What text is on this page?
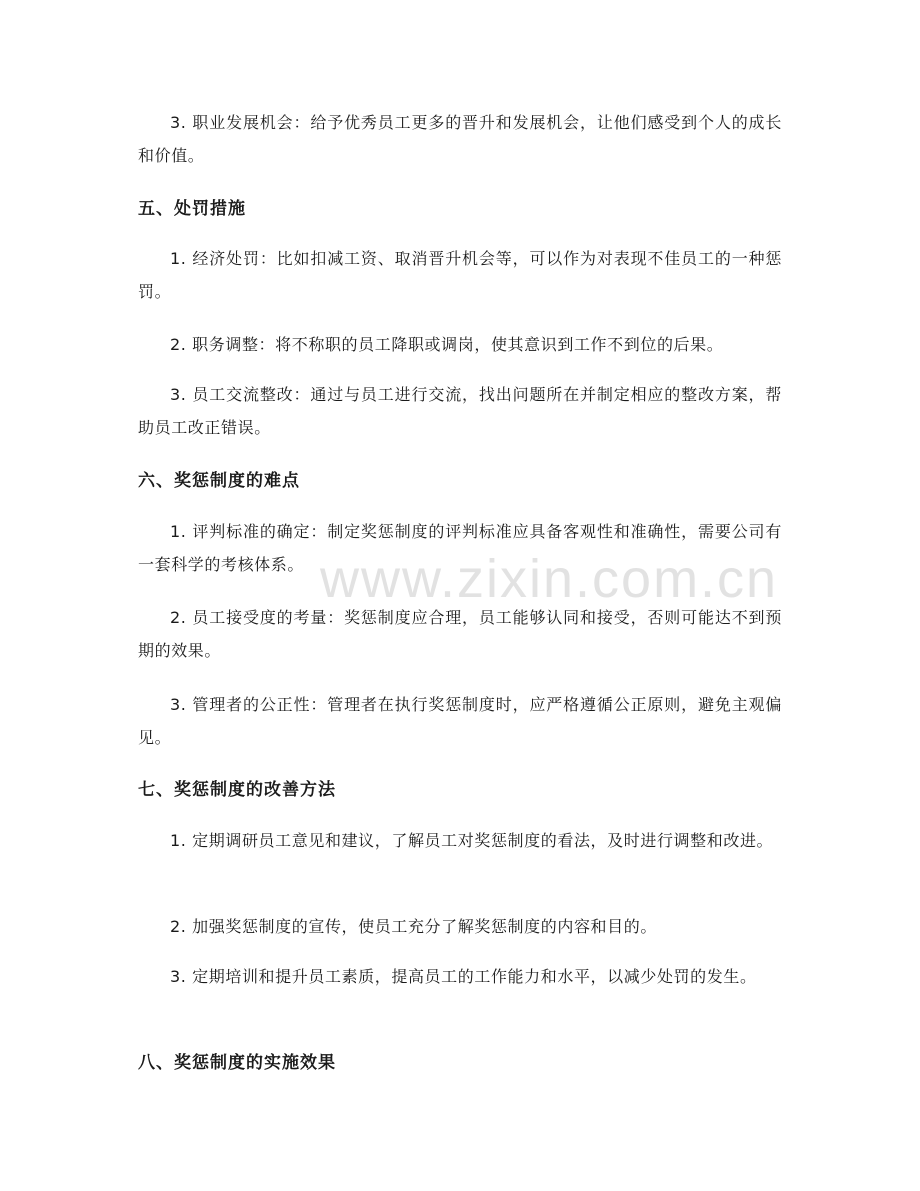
3. 职业发展机会：给予优秀员工更多的晋升和发展机会，让他们感受到个人的成长和价值。

五、处罚措施

1. 经济处罚：比如扣减工资、取消晋升机会等，可以作为对表现不佳员工的一种惩罚。

2. 职务调整：将不称职的员工降职或调岗，使其意识到工作不到位的后果。

3. 员工交流整改：通过与员工进行交流，找出问题所在并制定相应的整改方案，帮助员工改正错误。

六、奖惩制度的难点

1. 评判标准的确定：制定奖惩制度的评判标准应具备客观性和准确性，需要公司有一套科学的考核体系。

2. 员工接受度的考量：奖惩制度应合理，员工能够认同和接受，否则可能达不到预期的效果。

3. 管理者的公正性：管理者在执行奖惩制度时，应严格遵循公正原则，避免主观偏见。

七、奖惩制度的改善方法

1. 定期调研员工意见和建议，了解员工对奖惩制度的看法，及时进行调整和改进。

2. 加强奖惩制度的宣传，使员工充分了解奖惩制度的内容和目的。

3. 定期培训和提升员工素质，提高员工的工作能力和水平，以减少处罚的发生。

八、奖惩制度的实施效果
www.zixin.com.cn
